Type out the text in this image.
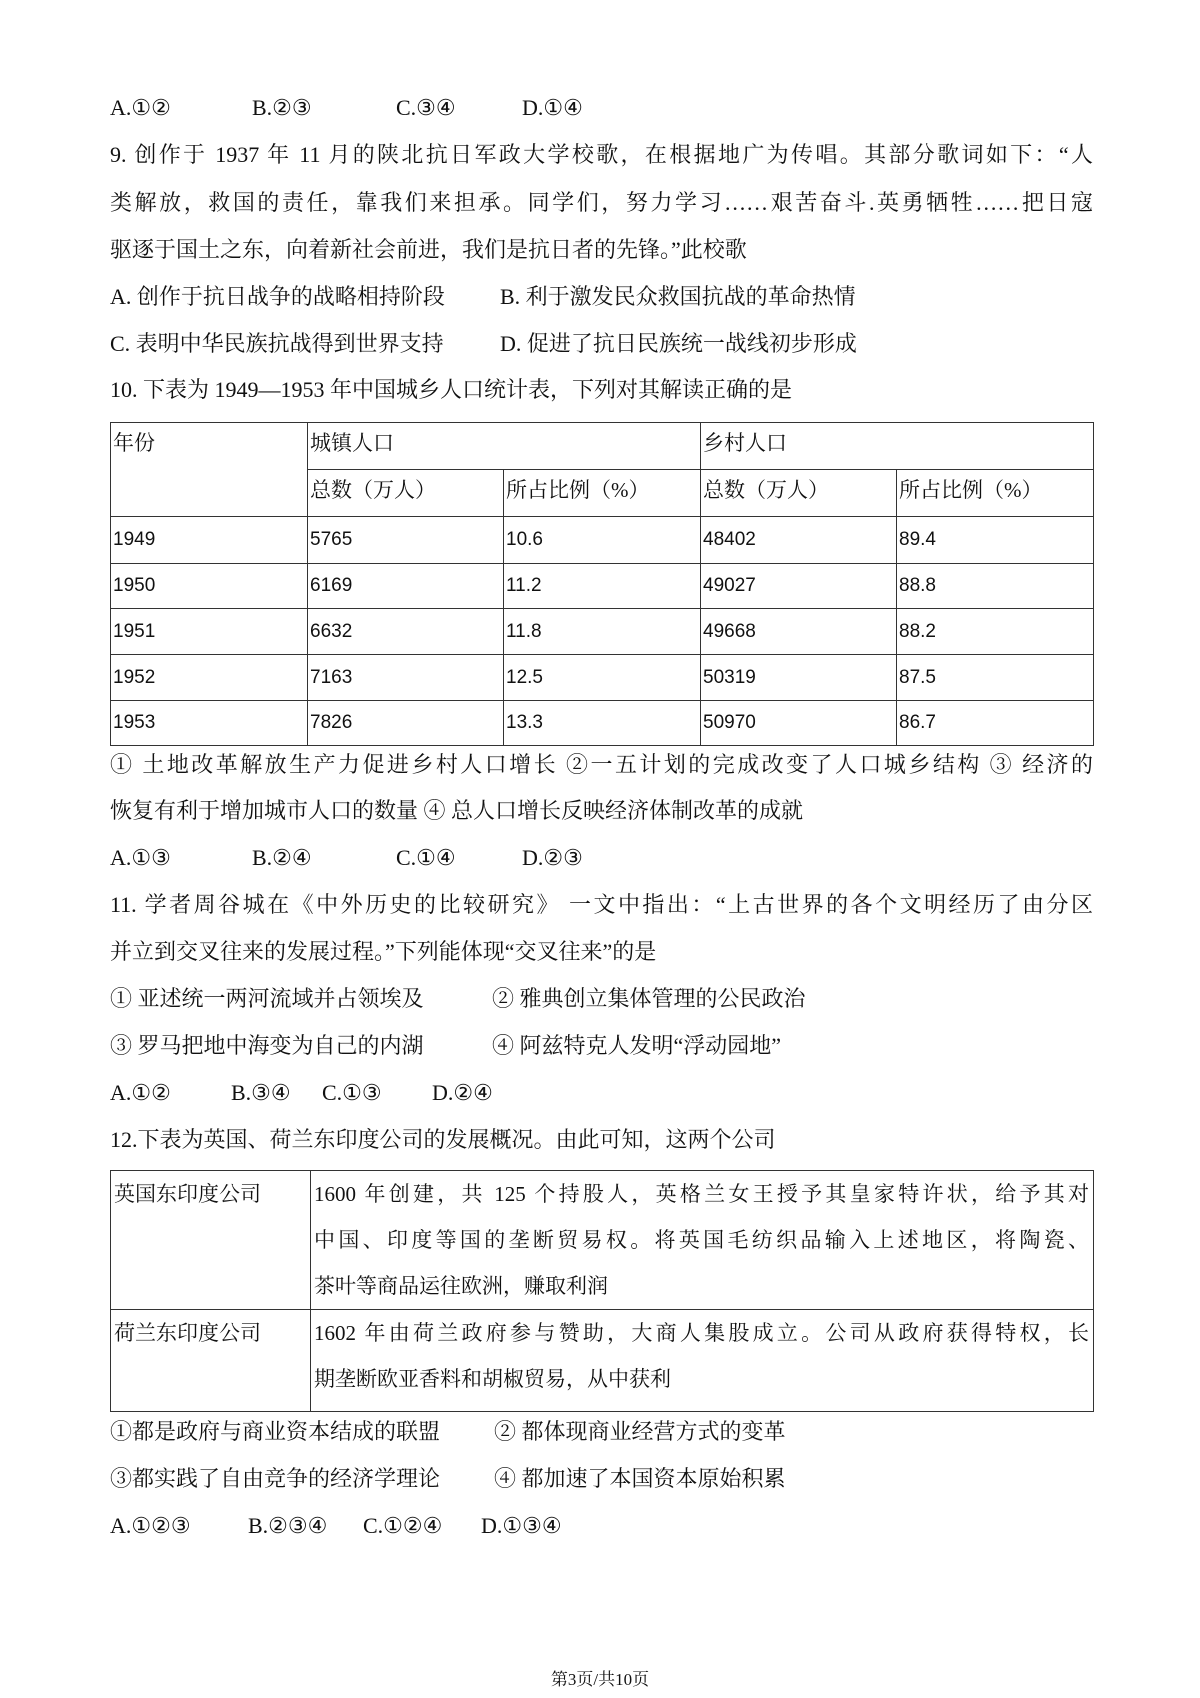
A.①②	B.②③	C.③④	D.①④
9. 创作于 1937 年 11 月的陕北抗日军政大学校歌，在根据地广为传唱。其部分歌词如下：“人
类解放，救国的责任，靠我们来担承。同学们，努力学习……艰苦奋斗.英勇牺牲……把日寇
驱逐于国土之东，向着新社会前进，我们是抗日者的先锋。”此校歌
A. 创作于抗日战争的战略相持阶段	B. 利于激发民众救国抗战的革命热情
C. 表明中华民族抗战得到世界支持	D. 促进了抗日民族统一战线初步形成
10. 下表为 1949—1953 年中国城乡人口统计表，下列对其解读正确的是
年份	城镇人口		乡村人口	
	总数（万人）	所占比例（%）	总数（万人）	所占比例（%）
1949	5765	10.6	48402	89.4
1950	6169	11.2	49027	88.8
1951	6632	11.8	49668	88.2
1952	7163	12.5	50319	87.5
1953	7826	13.3	50970	86.7
① 土地改革解放生产力促进乡村人口增长 ②一五计划的完成改变了人口城乡结构 ③ 经济的
恢复有利于增加城市人口的数量 ④ 总人口增长反映经济体制改革的成就
A.①③	B.②④	C.①④	D.②③
11. 学者周谷城在《中外历史的比较研究》 一文中指出：“上古世界的各个文明经历了由分区
并立到交叉往来的发展过程。”下列能体现“交叉往来”的是
① 亚述统一两河流域并占领埃及	② 雅典创立集体管理的公民政治
③ 罗马把地中海变为自己的内湖	④ 阿兹特克人发明“浮动园地”
A.①②	B.③④ C.①③ D.②④
12.下表为英国、荷兰东印度公司的发展概况。由此可知，这两个公司
英国东印度公司	1600 年创建，共 125 个持股人，英格兰女王授予其皇家特许状，给予其对
中国、印度等国的垄断贸易权。将英国毛纺织品输入上述地区，将陶瓷、
茶叶等商品运往欧洲，赚取利润

荷兰东印度公司	1602 年由荷兰政府参与赞助，大商人集股成立。公司从政府获得特权，长
期垄断欧亚香料和胡椒贸易，从中获利
①都是政府与商业资本结成的联盟 ② 都体现商业经营方式的变革
③都实践了自由竞争的经济学理论 ④ 都加速了本国资本原始积累
A.①②③	B.②③④ C.①②④ D.①③④
第3页/共10页
